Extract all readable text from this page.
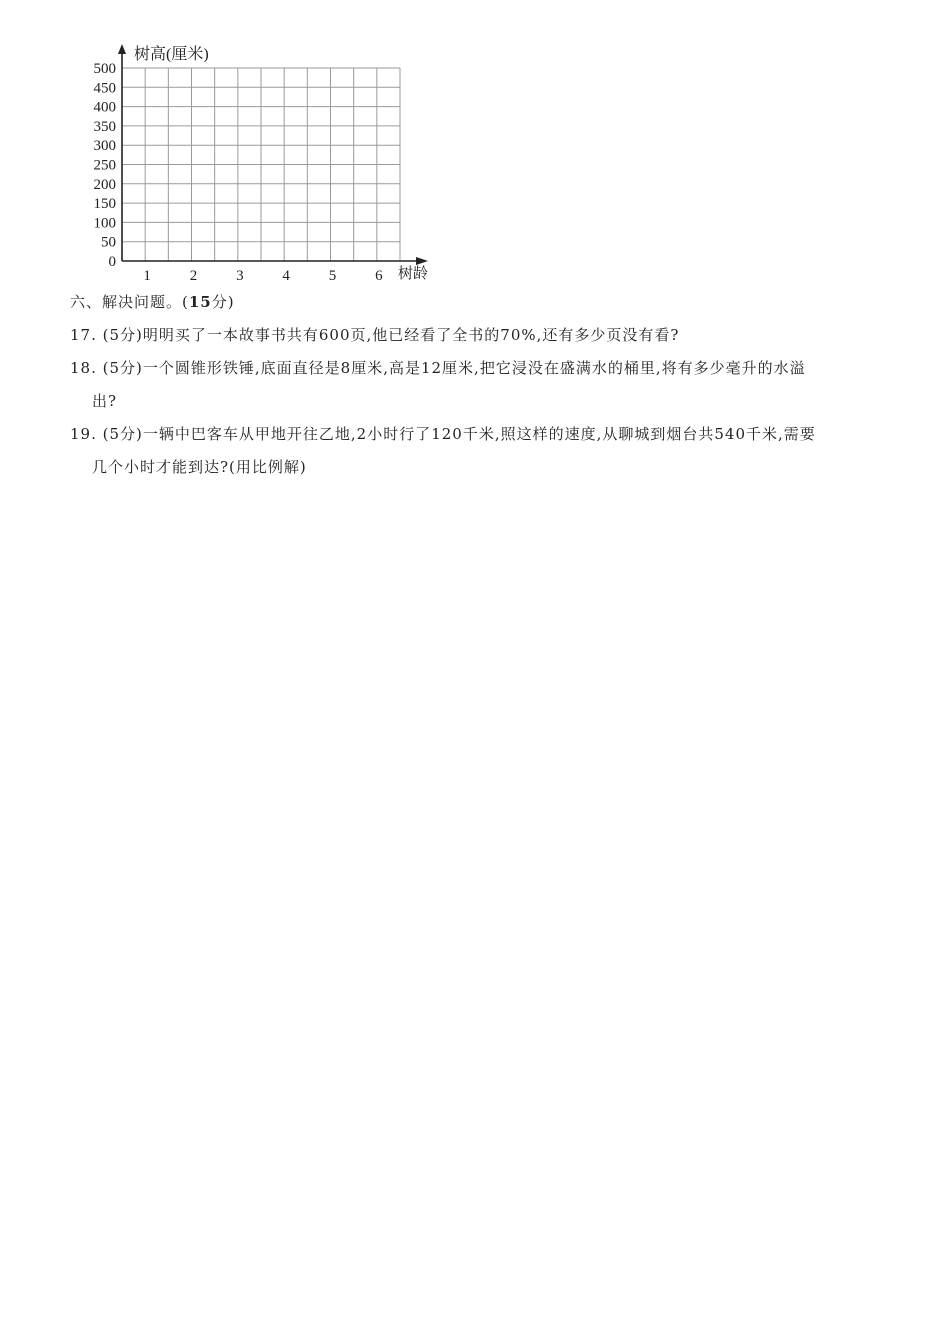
0
50
100
150
200
250
300
350
400
450
500
1	2	3	4	5	6
树高(厘米)
树龄
六、解决问题。(15分)
17. (5分)明明买了一本故事书共有600页,他已经看了全书的70%,还有多少页没有看?
18. (5分)一个圆锥形铁锤,底面直径是8厘米,高是12厘米,把它浸没在盛满水的桶里,将有多少毫升的水溢
出?
19. (5分)一辆中巴客车从甲地开往乙地,2小时行了120千米,照这样的速度,从聊城到烟台共540千米,需要
几个小时才能到达?(用比例解)
